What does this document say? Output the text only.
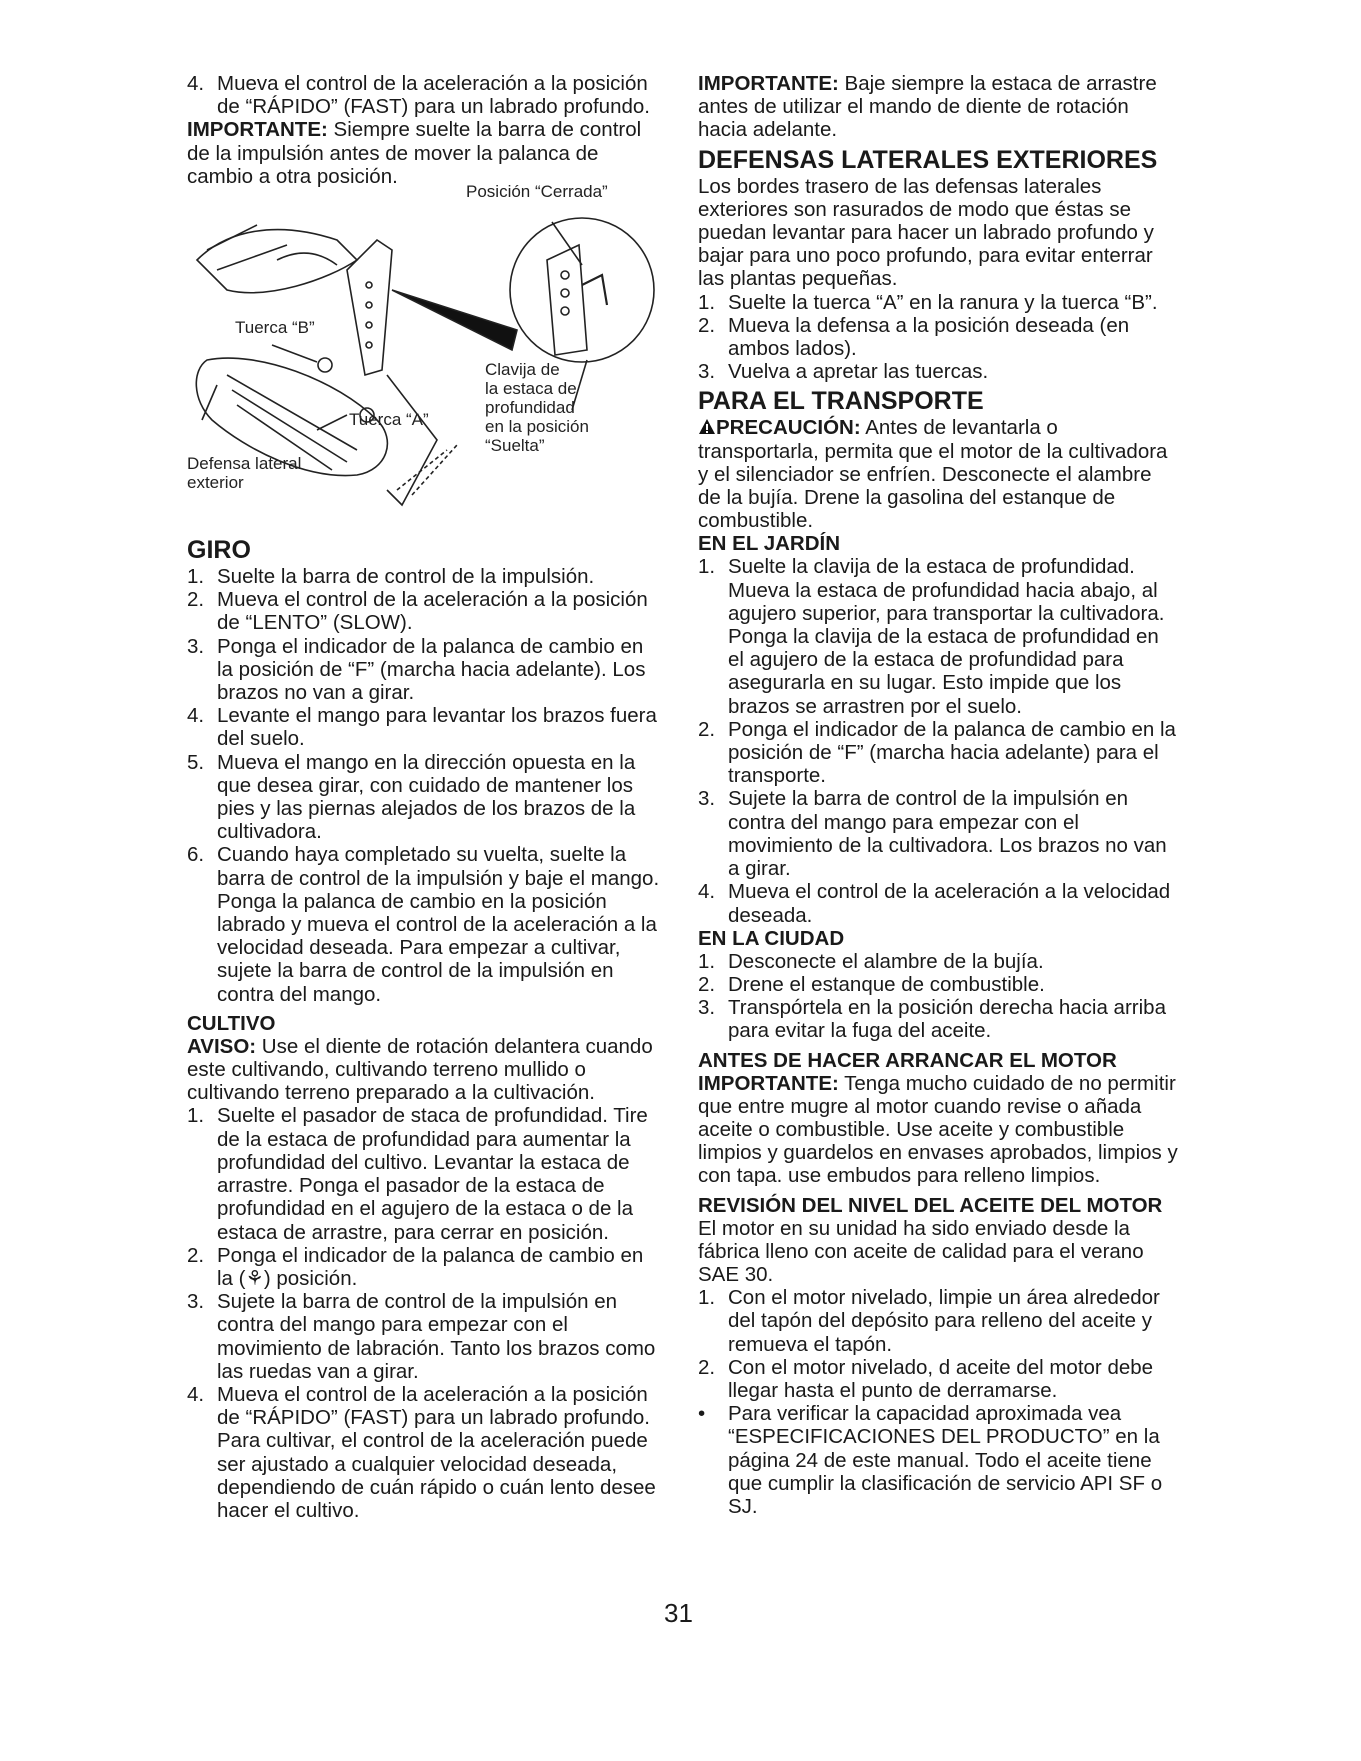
4. Mueva el control de la aceleración a la posición de “RÁPIDO” (FAST) para un labrado profundo.

IMPORTANTE: Siempre suelte la barra de control de la impulsión antes de mover la palanca de cambio a otra posición.

Posición “Cerrada”
Tuerca “B”
Tuerca “A”
Clavija de
la estaca de
profundidad
en la posición
“Suelta”
Defensa lateral
exterior
GIRO
1. Suelte la barra de control de la impulsión.
2. Mueva el control de la aceleración a la posición de “LENTO” (SLOW).
3. Ponga el indicador de la palanca de cambio en la posición de “F” (marcha hacia adelante). Los brazos no van a girar.
4. Levante el mango para levantar los brazos fuera del suelo.
5. Mueva el mango en la dirección opuesta en la que desea girar, con cuidado de mantener los pies y las piernas alejados de los brazos de la cultivadora.
6. Cuando haya completado su vuelta, suelte la barra de control de la impulsión y baje el mango. Ponga la palanca de cambio en la posición labrado y mueva el control de la aceleración a la velocidad deseada. Para empezar a cultivar, sujete la barra de control de la impulsión en contra del mango.
CULTIVO

AVISO: Use el diente de rotación delantera cuando este cultivando, cultivando terreno mullido o cultivando terreno preparado a la cultivación.

1. Suelte el pasador de staca de profundidad. Tire de la estaca de profundidad para aumentar la profundidad del cultivo. Levantar la estaca de arrastre. Ponga el pasador de la estaca de profundidad en el agujero de la estaca o de la estaca de arrastre, para cerrar en posición.
2. Ponga el indicador de la palanca de cambio en la (⚘) posición.
3. Sujete la barra de control de la impulsión en contra del mango para empezar con el movimiento de labración. Tanto los brazos como las ruedas van a girar.
4. Mueva el control de la aceleración a la posición de “RÁPIDO” (FAST) para un labrado profundo. Para cultivar, el control de la aceleración puede ser ajustado a cualquier velocidad deseada, dependiendo de cuán rápido o cuán lento desee hacer el cultivo.

IMPORTANTE: Baje siempre la estaca de arrastre antes de utilizar el mando de diente de rotación hacia adelante.

DEFENSAS LATERALES EXTERIORES

Los bordes trasero de las defensas laterales exteriores son rasurados de modo que éstas se puedan levantar para hacer un labrado profundo y bajar para uno poco profundo, para evitar enterrar las plantas pequeñas.

1. Suelte la tuerca “A” en la ranura y la tuerca “B”.
2. Mueva la defensa a la posición deseada (en ambos lados).
3. Vuelva a apretar las tuercas.
PARA EL TRANSPORTE

PRECAUCIÓN: Antes de levantarla o transportarla, permita que el motor de la cultivadora y el silenciador se enfríen. Desconecte el alambre de la bujía. Drene la gasolina del estanque de combustible.

EN EL JARDÍN
1. Suelte la clavija de la estaca de profundidad. Mueva la estaca de profundidad hacia abajo, al agujero superior, para transportar la cultivadora. Ponga la clavija de la estaca de profundidad en el agujero de la estaca de profundidad para asegurarla en su lugar. Esto impide que los brazos se arrastren por el suelo.
2. Ponga el indicador de la palanca de cambio en la posición de “F” (marcha hacia adelante) para el transporte.
3. Sujete la barra de control de la impulsión en contra del mango para empezar con el movimiento de la cultivadora. Los brazos no van a girar.
4. Mueva el control de la aceleración a la velocidad deseada.
EN LA CIUDAD
1. Desconecte el alambre de la bujía.
2. Drene el estanque de combustible.
3. Transpórtela en la posición derecha hacia arriba para evitar la fuga del aceite.
ANTES DE HACER ARRANCAR EL MOTOR

IMPORTANTE: Tenga mucho cuidado de no permitir que entre mugre al motor cuando revise o añada aceite o combustible. Use aceite y combustible limpios y guardelos en envases aprobados, limpios y con tapa. use embudos para relleno limpios.

REVISIÓN DEL NIVEL DEL ACEITE DEL MOTOR

El motor en su unidad ha sido enviado desde la fábrica lleno con aceite de calidad para el verano SAE 30.

1. Con el motor nivelado, limpie un área alrededor del tapón del depósito para relleno del aceite y remueva el tapón.
2. Con el motor nivelado, d aceite del motor debe llegar hasta el punto de derramarse.
• Para verificar la capacidad aproximada vea “ESPECIFICACIONES DEL PRODUCTO” en la página 24 de este manual. Todo el aceite tiene que cumplir la clasificación de servicio API SF o SJ.
31
